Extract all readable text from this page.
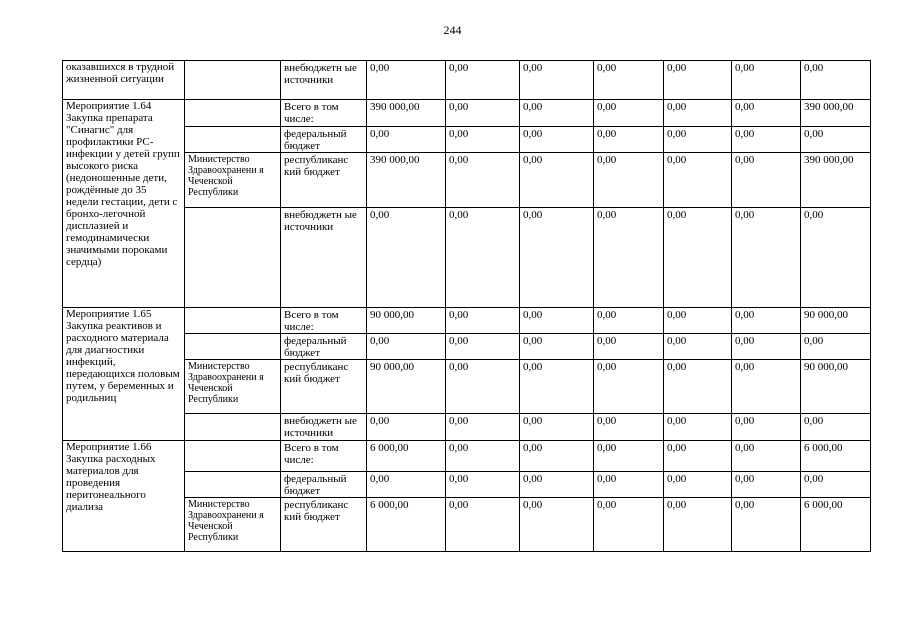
244
оказавшихся в трудной жизненной ситуации		внебюджетн ые источники	0,00	0,00	0,00	0,00	0,00	0,00	0,00
Мероприятие 1.64 Закупка препарата "Синагис" для профилактики РС-инфекции у детей групп высокого риска (недоношенные дети, рождённые до 35 недели гестации, дети с бронхо-легочной дисплазией и гемодинамически значимыми пороками сердца)		Всего в том числе:	390 000,00	0,00	0,00	0,00	0,00	0,00	390 000,00
		федеральный бюджет	0,00	0,00	0,00	0,00	0,00	0,00	0,00
	Министерство Здравоохранени я Чеченской Республики	республиканс кий бюджет	390 000,00	0,00	0,00	0,00	0,00	0,00	390 000,00
		внебюджетн ые источники	0,00	0,00	0,00	0,00	0,00	0,00	0,00
Мероприятие 1.65 Закупка реактивов и расходного материала для диагностики инфекций, передающихся половым путем, у беременных и родильниц		Всего в том числе:	90 000,00	0,00	0,00	0,00	0,00	0,00	90 000,00
		федеральный бюджет	0,00	0,00	0,00	0,00	0,00	0,00	0,00
	Министерство Здравоохранени я Чеченской Республики	республиканс кий бюджет	90 000,00	0,00	0,00	0,00	0,00	0,00	90 000,00
		внебюджетн ые источники	0,00	0,00	0,00	0,00	0,00	0,00	0,00
Мероприятие 1.66 Закупка расходных материалов для проведения перитонеального диализа		Всего в том числе:	6 000,00	0,00	0,00	0,00	0,00	0,00	6 000,00
		федеральный бюджет	0,00	0,00	0,00	0,00	0,00	0,00	0,00
	Министерство Здравоохранени я Чеченской Республики	республиканс кий бюджет	6 000,00	0,00	0,00	0,00	0,00	0,00	6 000,00
